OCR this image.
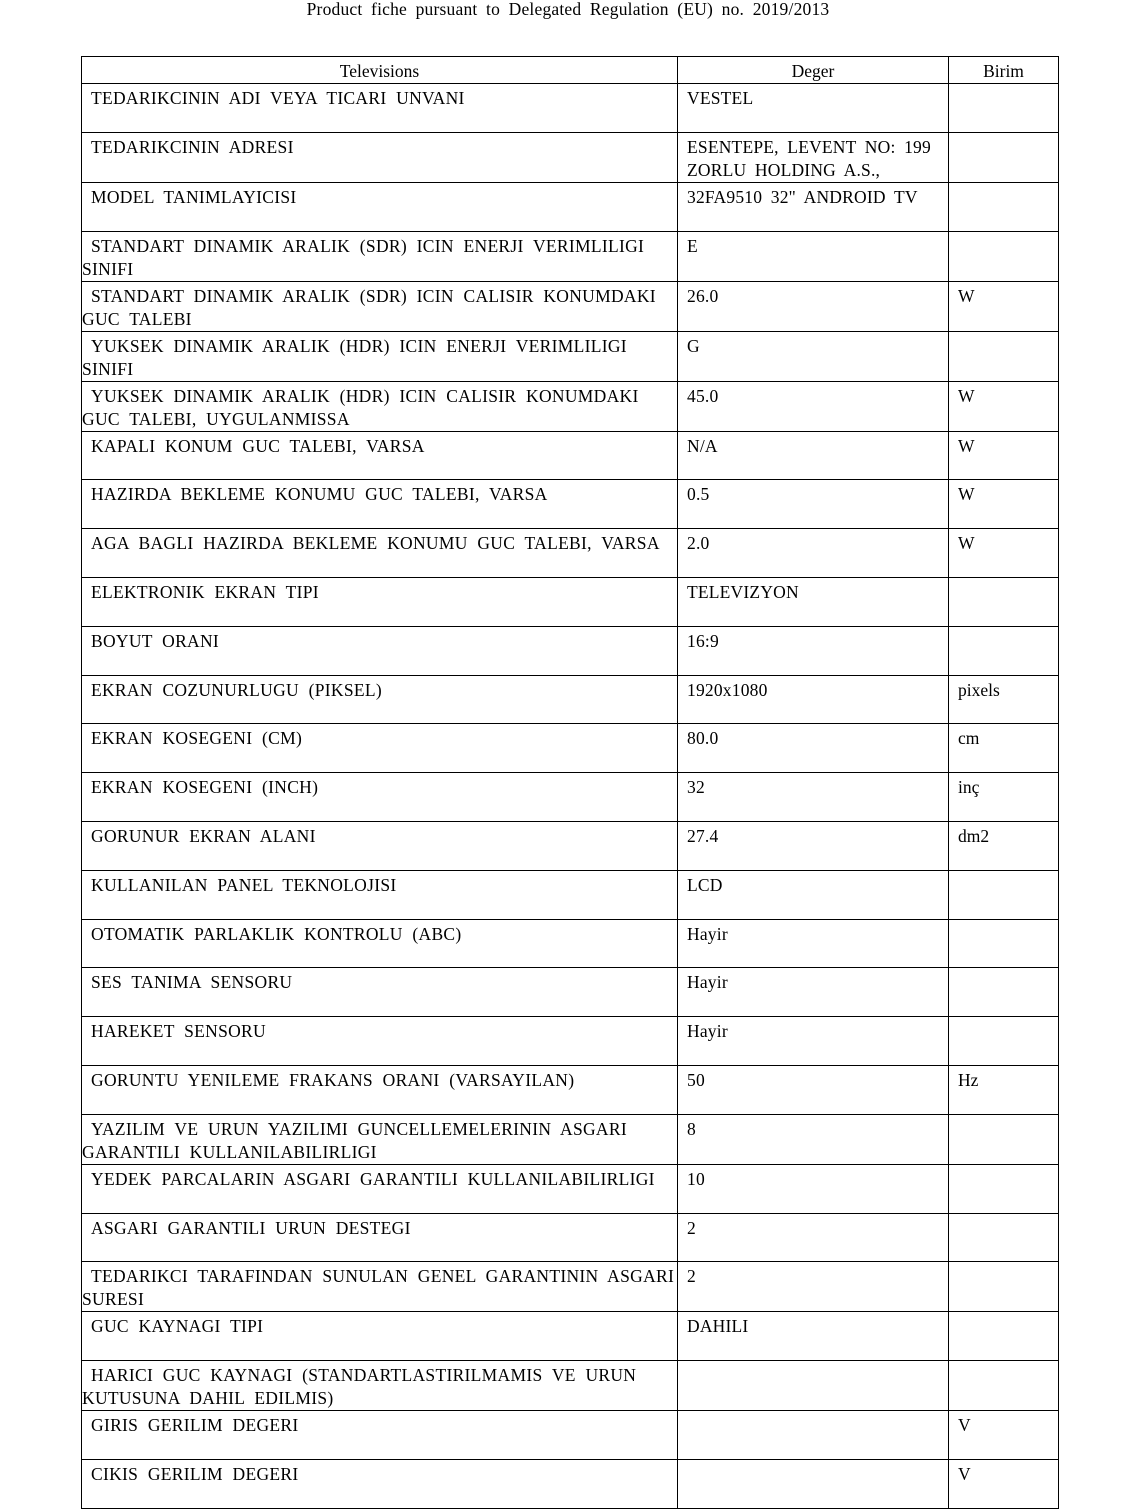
Product fiche pursuant to Delegated Regulation (EU) no. 2019/2013
Televisions	Deger	Birim

TEDARIKCININ ADI VEYA TICARI UNVANI	VESTEL	

TEDARIKCININ ADRESI	ESENTEPE, LEVENT NO: 199 ZORLU HOLDING A.S.,	

MODEL TANIMLAYICISI	32FA9510 32" ANDROID TV	

STANDART DINAMIK ARALIK (SDR) ICIN ENERJI VERIMLILIGI SINIFI	E	

STANDART DINAMIK ARALIK (SDR) ICIN CALISIR KONUMDAKI GUC TALEBI	26.0	W

YUKSEK DINAMIK ARALIK (HDR) ICIN ENERJI VERIMLILIGI SINIFI	G	

YUKSEK DINAMIK ARALIK (HDR) ICIN CALISIR KONUMDAKI GUC TALEBI, UYGULANMISSA	45.0	W

KAPALI KONUM GUC TALEBI, VARSA	N/A	W

HAZIRDA BEKLEME KONUMU GUC TALEBI, VARSA	0.5	W

AGA BAGLI HAZIRDA BEKLEME KONUMU GUC TALEBI, VARSA	2.0	W

ELEKTRONIK EKRAN TIPI	TELEVIZYON	

BOYUT ORANI	16:9	

EKRAN COZUNURLUGU (PIKSEL)	1920x1080	pixels

EKRAN KOSEGENI (CM)	80.0	cm

EKRAN KOSEGENI (INCH)	32	inç

GORUNUR EKRAN ALANI	27.4	dm2

KULLANILAN PANEL TEKNOLOJISI	LCD	

OTOMATIK PARLAKLIK KONTROLU (ABC)	Hayir	

SES TANIMA SENSORU	Hayir	

HAREKET SENSORU	Hayir	

GORUNTU YENILEME FRAKANS ORANI (VARSAYILAN)	50	Hz

YAZILIM VE URUN YAZILIMI GUNCELLEMELERININ ASGARI GARANTILI KULLANILABILIRLIGI	8	

YEDEK PARCALARIN ASGARI GARANTILI KULLANILABILIRLIGI	10	

ASGARI GARANTILI URUN DESTEGI	2	

TEDARIKCI TARAFINDAN SUNULAN GENEL GARANTININ ASGARI SURESI	2	

GUC KAYNAGI TIPI	DAHILI	

HARICI GUC KAYNAGI (STANDARTLASTIRILMAMIS VE URUN KUTUSUNA DAHIL EDILMIS)		

GIRIS GERILIM DEGERI		V

CIKIS GERILIM DEGERI		V
